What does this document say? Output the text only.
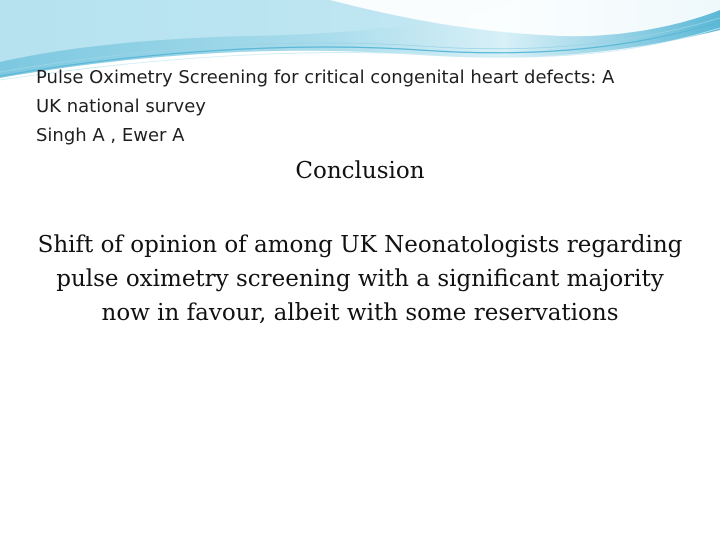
Pulse Oximetry Screening for critical congenital heart defects: A
UK national survey
Singh A , Ewer A
Conclusion
Shift of opinion of among UK Neonatologists regarding
pulse oximetry screening with a significant majority
now in favour, albeit with some reservations
